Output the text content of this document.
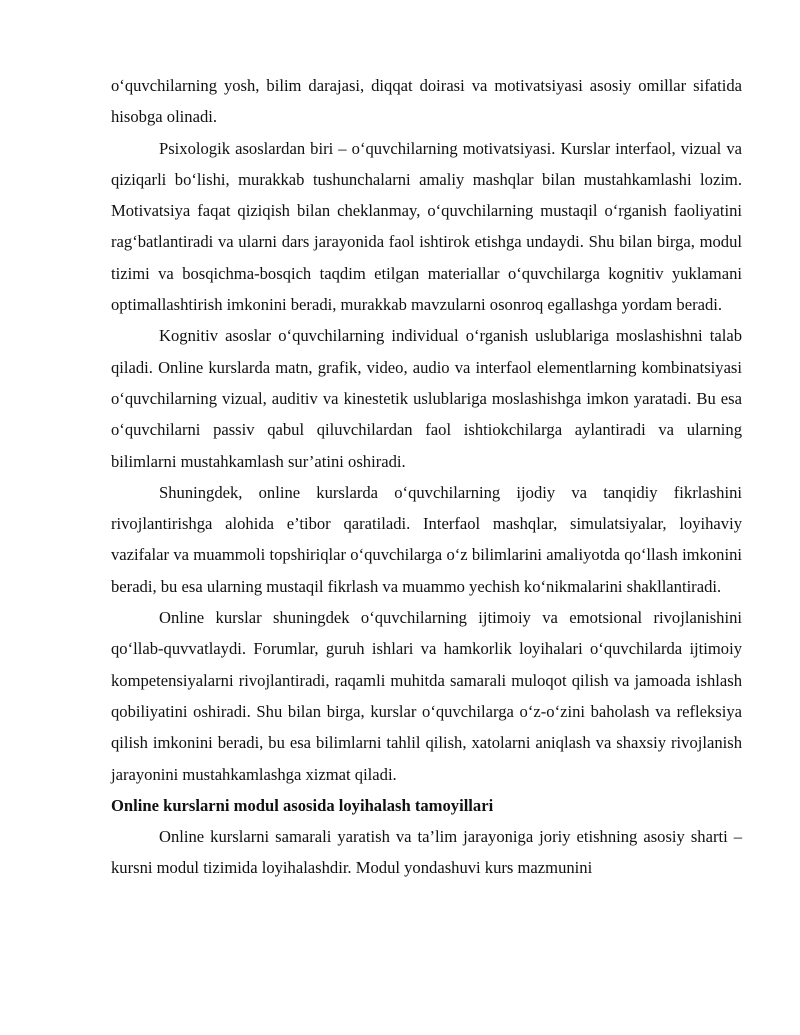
oʻquvchilarning yosh, bilim darajasi, diqqat doirasi va motivatsiyasi asosiy omillar sifatida hisobga olinadi.

Psixologik asoslardan biri – oʻquvchilarning motivatsiyasi. Kurslar interfaol, vizual va qiziqarli boʻlishi, murakkab tushunchalarni amaliy mashqlar bilan mustahkamlashi lozim. Motivatsiya faqat qiziqish bilan cheklanmay, oʻquvchilarning mustaqil oʻrganish faoliyatini ragʻbatlantiradi va ularni dars jarayonida faol ishtirok etishga undaydi. Shu bilan birga, modul tizimi va bosqichma-bosqich taqdim etilgan materiallar oʻquvchilarga kognitiv yuklamani optimallashtirish imkonini beradi, murakkab mavzularni osonroq egallashga yordam beradi.

Kognitiv asoslar oʻquvchilarning individual oʻrganish uslublariga moslashishni talab qiladi. Online kurslarda matn, grafik, video, audio va interfaol elementlarning kombinatsiyasi oʻquvchilarning vizual, auditiv va kinestetik uslublariga moslashishga imkon yaratadi. Bu esa oʻquvchilarni passiv qabul qiluvchilardan faol ishtiokchilarga aylantiradi va ularning bilimlarni mustahkamlash sur’atini oshiradi.

Shuningdek, online kurslarda oʻquvchilarning ijodiy va tanqidiy fikrlashini rivojlantirishga alohida e’tibor qaratiladi. Interfaol mashqlar, simulatsiyalar, loyihaviy vazifalar va muammoli topshiriqlar oʻquvchilarga oʻz bilimlarini amaliyotda qoʻllash imkonini beradi, bu esa ularning mustaqil fikrlash va muammo yechish koʻnikmalarini shakllantiradi.

Online kurslar shuningdek oʻquvchilarning ijtimoiy va emotsional rivojlanishini qoʻllab-quvvatlaydi. Forumlar, guruh ishlari va hamkorlik loyihalari oʻquvchilarda ijtimoiy kompetensiyalarni rivojlantiradi, raqamli muhitda samarali muloqot qilish va jamoada ishlash qobiliyatini oshiradi. Shu bilan birga, kurslar oʻquvchilarga oʻz-oʻzini baholash va refleksiya qilish imkonini beradi, bu esa bilimlarni tahlil qilish, xatolarni aniqlash va shaxsiy rivojlanish jarayonini mustahkamlashga xizmat qiladi.

Online kurslarni modul asosida loyihalash tamoyillari

Online kurslarni samarali yaratish va ta’lim jarayoniga joriy etishning asosiy sharti – kursni modul tizimida loyihalashdir. Modul yondashuvi kurs mazmunini
